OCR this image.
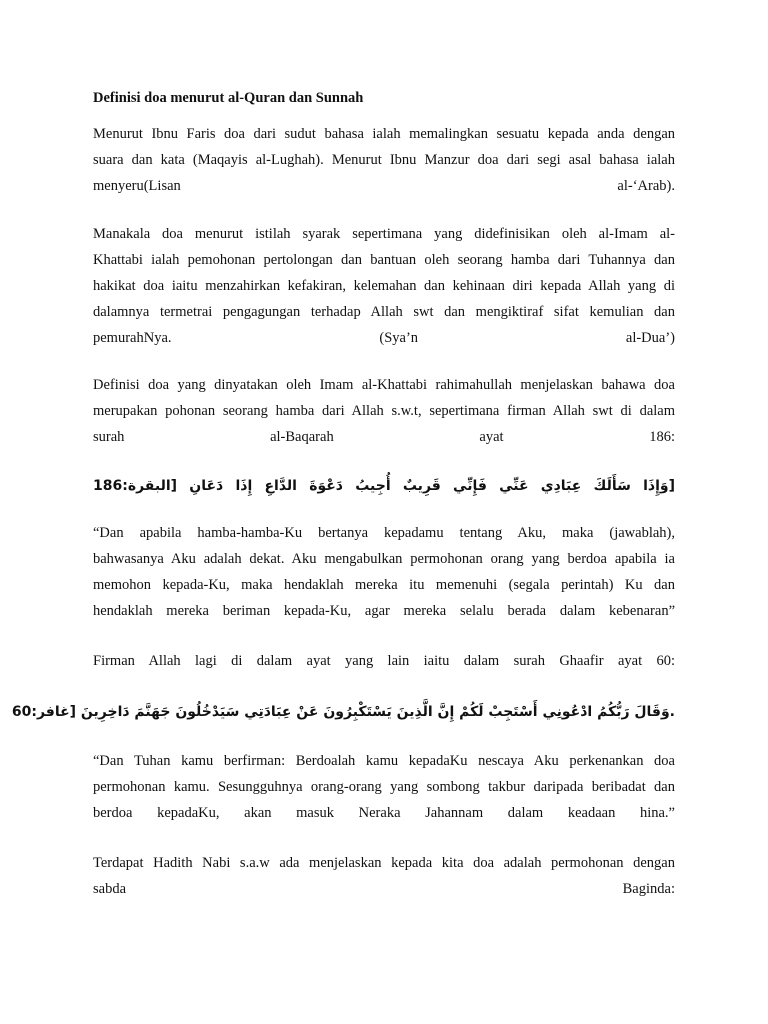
Definisi doa menurut al-Quran dan Sunnah

Menurut Ibnu Faris doa dari sudut bahasa ialah memalingkan sesuatu kepada anda dengan
suara dan kata (Maqayis al-Lughah). Menurut Ibnu Manzur doa dari segi asal bahasa ialah
menyeru(Lisan al-‘Arab).

Manakala doa menurut istilah syarak sepertimana yang didefinisikan oleh al-Imam al-
Khattabi ialah pemohonan pertolongan dan bantuan oleh seorang hamba dari Tuhannya dan
hakikat doa iaitu menzahirkan kefakiran, kelemahan dan kehinaan diri kepada Allah yang di
dalamnya termetrai pengagungan terhadap Allah swt dan mengiktiraf sifat kemulian dan
pemurahNya. (Sya’n al-Dua’)

Definisi doa yang dinyatakan oleh Imam al-Khattabi rahimahullah menjelaskan bahawa doa
merupakan pohonan seorang hamba dari Allah s.w.t, sepertimana firman Allah swt di dalam
surah al-Baqarah ayat 186:

[وَإِذَا سَأَلَكَ عِبَادِي عَنِّي فَإِنِّي قَرِيبٌ أُجِيبُ دَعْوَةَ الدَّاعِ إِذَا دَعَانِ [البقرة:186

“Dan apabila hamba-hamba-Ku bertanya kepadamu tentang Aku, maka (jawablah),
bahwasanya Aku adalah dekat. Aku mengabulkan permohonan orang yang berdoa apabila ia
memohon kepada-Ku, maka hendaklah mereka itu memenuhi (segala perintah) Ku dan
hendaklah mereka beriman kepada-Ku, agar mereka selalu berada dalam kebenaran”

Firman Allah lagi di dalam ayat yang lain iaitu dalam surah Ghaafir ayat 60:

.وَقَالَ رَبُّكُمُ ادْعُونِي أَسْتَجِبْ لَكُمْ إِنَّ الَّذِينَ يَسْتَكْبِرُونَ عَنْ عِبَادَتِي سَيَدْخُلُونَ جَهَنَّمَ دَاخِرِينَ [غافر:60

“Dan Tuhan kamu berfirman: Berdoalah kamu kepadaKu nescaya Aku perkenankan doa
permohonan kamu. Sesungguhnya orang-orang yang sombong takbur daripada beribadat dan
berdoa kepadaKu, akan masuk Neraka Jahannam dalam keadaan hina.”

Terdapat Hadith Nabi s.a.w ada menjelaskan kepada kita doa adalah permohonan dengan
sabda Baginda:
